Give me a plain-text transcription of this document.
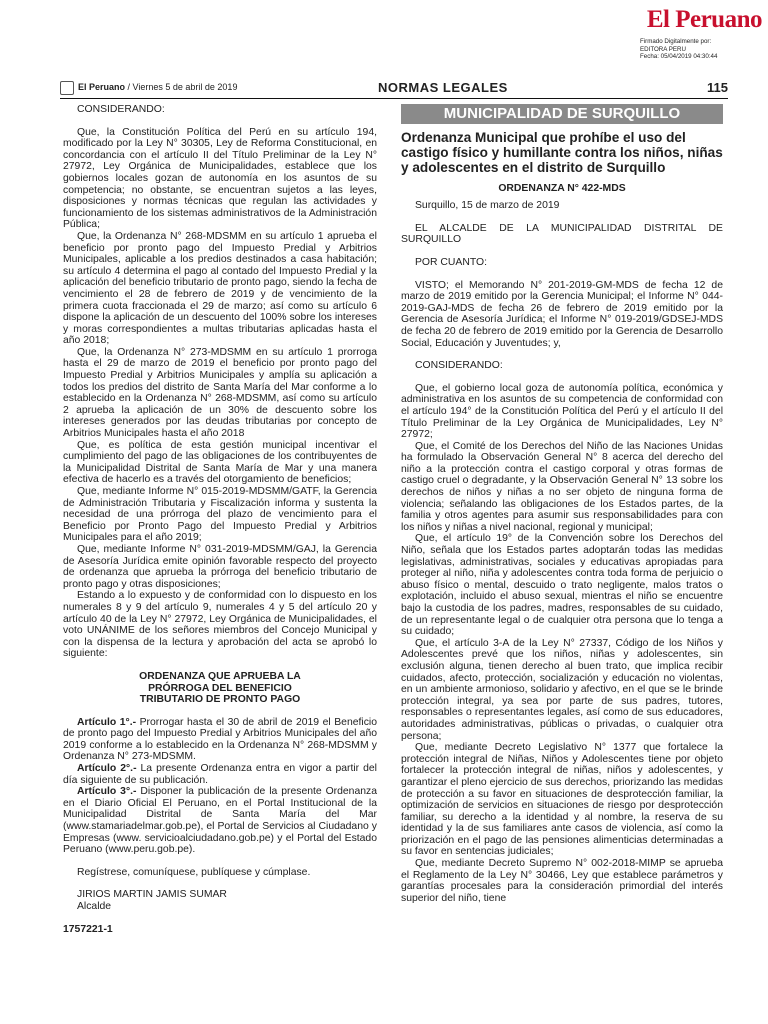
El Peruano
Firmado Digitalmente por:
EDITORA PERU
Fecha: 05/04/2019 04:30:44
El Peruano / Viernes 5 de abril de 2019	NORMAS LEGALES	115

CONSIDERANDO:

Que, la Constitución Política del Perú en su artículo 194, modificado por la Ley N° 30305, Ley de Reforma Constitucional, en concordancia con el artículo II del Título Preliminar de la Ley N° 27972, Ley Orgánica de Municipalidades, establece que los gobiernos locales gozan de autonomía en los asuntos de su competencia; no obstante, se encuentran sujetos a las leyes, disposiciones y normas técnicas que regulan las actividades y funcionamiento de los sistemas administrativos de la Administración Pública;

Que, la Ordenanza N° 268-MDSMM en su artículo 1 aprueba el beneficio por pronto pago del Impuesto Predial y Arbitrios Municipales, aplicable a los predios destinados a casa habitación; su artículo 4 determina el pago al contado del Impuesto Predial y la aplicación del beneficio tributario de pronto pago, siendo la fecha de vencimiento el 28 de febrero de 2019 y de vencimiento de la primera cuota fraccionada el 29 de marzo; así como su artículo 6 dispone la aplicación de un descuento del 100% sobre los intereses y moras correspondientes a multas tributarias aplicadas hasta el año 2018;

Que, la Ordenanza N° 273-MDSMM en su artículo 1 prorroga hasta el 29 de marzo de 2019 el beneficio por pronto pago del Impuesto Predial y Arbitrios Municipales y amplía su aplicación a todos los predios del distrito de Santa María del Mar conforme a lo establecido en la Ordenanza N° 268-MDSMM, así como su artículo 2 aprueba la aplicación de un 30% de descuento sobre los intereses generados por las deudas tributarias por concepto de Arbitrios Municipales hasta el año 2018

Que, es política de esta gestión municipal incentivar el cumplimiento del pago de las obligaciones de los contribuyentes de la Municipalidad Distrital de Santa María de Mar y una manera efectiva de hacerlo es a través del otorgamiento de beneficios;

Que, mediante Informe N° 015-2019-MDSMM/GATF, la Gerencia de Administración Tributaria y Fiscalización informa y sustenta la necesidad de una prórroga del plazo de vencimiento para el Beneficio por Pronto Pago del Impuesto Predial y Arbitrios Municipales para el año 2019;

Que, mediante Informe N° 031-2019-MDSMM/GAJ, la Gerencia de Asesoría Jurídica emite opinión favorable respecto del proyecto de ordenanza que aprueba la prórroga del beneficio tributario de pronto pago y otras disposiciones;

Estando a lo expuesto y de conformidad con lo dispuesto en los numerales 8 y 9 del artículo 9, numerales 4 y 5 del artículo 20 y artículo 40 de la Ley N° 27972, Ley Orgánica de Municipalidades, el voto UNÁNIME de los señores miembros del Concejo Municipal y con la dispensa de la lectura y aprobación del acta se aprobó lo siguiente:

ORDENANZA QUE APRUEBA LA

PRÓRROGA DEL BENEFICIO

TRIBUTARIO DE PRONTO PAGO

Artículo 1°.- Prorrogar hasta el 30 de abril de 2019 el Beneficio de pronto pago del Impuesto Predial y Arbitrios Municipales del año 2019 conforme a lo establecido en la Ordenanza N° 268-MDSMM y Ordenanza N° 273-MDSMM.

Artículo 2°.- La presente Ordenanza entra en vigor a partir del día siguiente de su publicación.

Artículo 3°.- Disponer la publicación de la presente Ordenanza en el Diario Oficial El Peruano, en el Portal Institucional de la Municipalidad Distrital de Santa María del Mar (www.stamariadelmar.gob.pe), el Portal de Servicios al Ciudadano y Empresas (www. servicioalciudadano.gob.pe) y el Portal del Estado Peruano (www.peru.gob.pe).

Regístrese, comuníquese, publíquese y cúmplase.

JIRIOS MARTIN JAMIS SUMAR

Alcalde

1757221-1

MUNICIPALIDAD DE SURQUILLO
Ordenanza Municipal que prohíbe el uso del castigo físico y humillante contra los niños, niñas y adolescentes en el distrito de Surquillo
ORDENANZA N° 422-MDS

Surquillo, 15 de marzo de 2019

EL ALCALDE DE LA MUNICIPALIDAD DISTRITAL DE SURQUILLO

POR CUANTO:

VISTO; el Memorando N° 201-2019-GM-MDS de fecha 12 de marzo de 2019 emitido por la Gerencia Municipal; el Informe N° 044-2019-GAJ-MDS de fecha 26 de febrero de 2019 emitido por la Gerencia de Asesoría Jurídica; el Informe N° 019-2019/GDSEJ-MDS de fecha 20 de febrero de 2019 emitido por la Gerencia de Desarrollo Social, Educación y Juventudes; y,

CONSIDERANDO:

Que, el gobierno local goza de autonomía política, económica y administrativa en los asuntos de su competencia de conformidad con el artículo 194° de la Constitución Política del Perú y el artículo II del Título Preliminar de la Ley Orgánica de Municipalidades, Ley N° 27972;

Que, el Comité de los Derechos del Niño de las Naciones Unidas ha formulado la Observación General N° 8 acerca del derecho del niño a la protección contra el castigo corporal y otras formas de castigo cruel o degradante, y la Observación General N° 13 sobre los derechos de niños y niñas a no ser objeto de ninguna forma de violencia; señalando las obligaciones de los Estados partes, de la familia y otros agentes para asumir sus responsabilidades para con los niños y niñas a nivel nacional, regional y municipal;

Que, el artículo 19° de la Convención sobre los Derechos del Niño, señala que los Estados partes adoptarán todas las medidas legislativas, administrativas, sociales y educativas apropiadas para proteger al niño, niña y adolescentes contra toda forma de perjuicio o abuso físico o mental, descuido o trato negligente, malos tratos o explotación, incluido el abuso sexual, mientras el niño se encuentre bajo la custodia de los padres, madres, responsables de su cuidado, de un representante legal o de cualquier otra persona que lo tenga a su cuidado;

Que, el artículo 3-A de la Ley N° 27337, Código de los Niños y Adolescentes prevé que los niños, niñas y adolescentes, sin exclusión alguna, tienen derecho al buen trato, que implica recibir cuidados, afecto, protección, socialización y educación no violentas, en un ambiente armonioso, solidario y afectivo, en el que se le brinde protección integral, ya sea por parte de sus padres, tutores, responsables o representantes legales, así como de sus educadores, autoridades administrativas, públicas o privadas, o cualquier otra persona;

Que, mediante Decreto Legislativo N° 1377 que fortalece la protección integral de Niñas, Niños y Adolescentes tiene por objeto fortalecer la protección integral de niñas, niños y adolescentes, y garantizar el pleno ejercicio de sus derechos, priorizando las medidas de protección a su favor en situaciones de desprotección familiar, la optimización de servicios en situaciones de riesgo por desprotección familiar, su derecho a la identidad y al nombre, la reserva de su identidad y la de sus familiares ante casos de violencia, así como la priorización en el pago de las pensiones alimenticias determinadas a su favor en sentencias judiciales;

Que, mediante Decreto Supremo N° 002-2018-MIMP se aprueba el Reglamento de la Ley N° 30466, Ley que establece parámetros y garantías procesales para la consideración primordial del interés superior del niño, tiene
